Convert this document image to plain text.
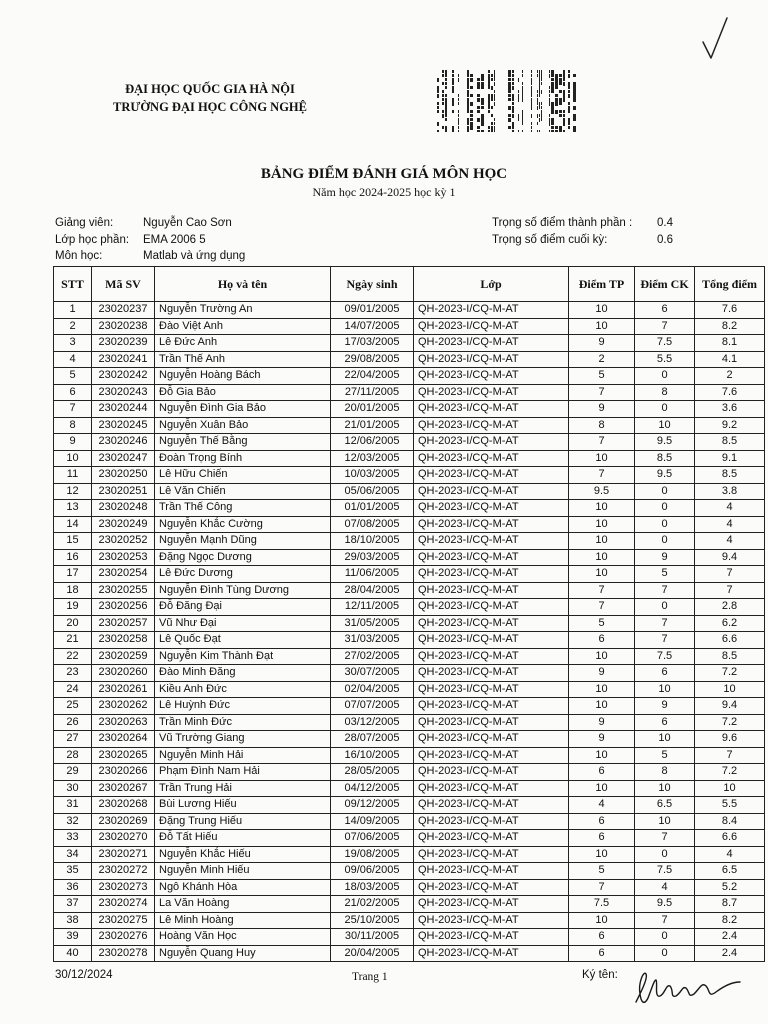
ĐẠI HỌC QUỐC GIA HÀ NỘI
TRƯỜNG ĐẠI HỌC CÔNG NGHỆ
BẢNG ĐIỂM ĐÁNH GIÁ MÔN HỌC
Năm học 2024-2025 học kỳ 1
Giảng viên:	Nguyễn Cao Sơn
Lớp học phần: EMA 2006 5
Môn học:	Matlab và ứng dụng
Trọng số điểm thành phần : 0.4
Trọng số điểm cuối kỳ:	0.6
STT	Mã SV	Họ và tên	Ngày sinh	Lớp	Điểm TP	Điểm CK	Tổng điểm
1	23020237	Nguyễn Trường An	09/01/2005	QH-2023-I/CQ-M-AT	10	6	7.6
2	23020238	Đào Việt Anh	14/07/2005	QH-2023-I/CQ-M-AT	10	7	8.2
3	23020239	Lê Đức Anh	17/03/2005	QH-2023-I/CQ-M-AT	9	7.5	8.1
4	23020241	Trần Thế Anh	29/08/2005	QH-2023-I/CQ-M-AT	2	5.5	4.1
5	23020242	Nguyễn Hoàng Bách	22/04/2005	QH-2023-I/CQ-M-AT	5	0	2
6	23020243	Đỗ Gia Bảo	27/11/2005	QH-2023-I/CQ-M-AT	7	8	7.6
7	23020244	Nguyễn Đình Gia Bảo	20/01/2005	QH-2023-I/CQ-M-AT	9	0	3.6
8	23020245	Nguyễn Xuân Bảo	21/01/2005	QH-2023-I/CQ-M-AT	8	10	9.2
9	23020246	Nguyễn Thế Bằng	12/06/2005	QH-2023-I/CQ-M-AT	7	9.5	8.5
10	23020247	Đoàn Trọng Bính	12/03/2005	QH-2023-I/CQ-M-AT	10	8.5	9.1
11	23020250	Lê Hữu Chiến	10/03/2005	QH-2023-I/CQ-M-AT	7	9.5	8.5
12	23020251	Lê Văn Chiến	05/06/2005	QH-2023-I/CQ-M-AT	9.5	0	3.8
13	23020248	Trần Thế Công	01/01/2005	QH-2023-I/CQ-M-AT	10	0	4
14	23020249	Nguyễn Khắc Cường	07/08/2005	QH-2023-I/CQ-M-AT	10	0	4
15	23020252	Nguyễn Mạnh Dũng	18/10/2005	QH-2023-I/CQ-M-AT	10	0	4
16	23020253	Đặng Ngọc Dương	29/03/2005	QH-2023-I/CQ-M-AT	10	9	9.4
17	23020254	Lê Đức Dương	11/06/2005	QH-2023-I/CQ-M-AT	10	5	7
18	23020255	Nguyễn Đình Tùng Dương	28/04/2005	QH-2023-I/CQ-M-AT	7	7	7
19	23020256	Đỗ Đăng Đại	12/11/2005	QH-2023-I/CQ-M-AT	7	0	2.8
20	23020257	Vũ Như Đại	31/05/2005	QH-2023-I/CQ-M-AT	5	7	6.2
21	23020258	Lê Quốc Đạt	31/03/2005	QH-2023-I/CQ-M-AT	6	7	6.6
22	23020259	Nguyễn Kim Thành Đạt	27/02/2005	QH-2023-I/CQ-M-AT	10	7.5	8.5
23	23020260	Đào Minh Đăng	30/07/2005	QH-2023-I/CQ-M-AT	9	6	7.2
24	23020261	Kiều Anh Đức	02/04/2005	QH-2023-I/CQ-M-AT	10	10	10
25	23020262	Lê Huỳnh Đức	07/07/2005	QH-2023-I/CQ-M-AT	10	9	9.4
26	23020263	Trần Minh Đức	03/12/2005	QH-2023-I/CQ-M-AT	9	6	7.2
27	23020264	Vũ Trường Giang	28/07/2005	QH-2023-I/CQ-M-AT	9	10	9.6
28	23020265	Nguyễn Minh Hải	16/10/2005	QH-2023-I/CQ-M-AT	10	5	7
29	23020266	Phạm Đình Nam Hải	28/05/2005	QH-2023-I/CQ-M-AT	6	8	7.2
30	23020267	Trần Trung Hải	04/12/2005	QH-2023-I/CQ-M-AT	10	10	10
31	23020268	Bùi Lương Hiếu	09/12/2005	QH-2023-I/CQ-M-AT	4	6.5	5.5
32	23020269	Đặng Trung Hiếu	14/09/2005	QH-2023-I/CQ-M-AT	6	10	8.4
33	23020270	Đỗ Tất Hiếu	07/06/2005	QH-2023-I/CQ-M-AT	6	7	6.6
34	23020271	Nguyễn Khắc Hiếu	19/08/2005	QH-2023-I/CQ-M-AT	10	0	4
35	23020272	Nguyễn Minh Hiếu	09/06/2005	QH-2023-I/CQ-M-AT	5	7.5	6.5
36	23020273	Ngô Khánh Hòa	18/03/2005	QH-2023-I/CQ-M-AT	7	4	5.2
37	23020274	La Văn Hoàng	21/02/2005	QH-2023-I/CQ-M-AT	7.5	9.5	8.7
38	23020275	Lê Minh Hoàng	25/10/2005	QH-2023-I/CQ-M-AT	10	7	8.2
39	23020276	Hoàng Văn Học	30/11/2005	QH-2023-I/CQ-M-AT	6	0	2.4
40	23020278	Nguyễn Quang Huy	20/04/2005	QH-2023-I/CQ-M-AT	6	0	2.4
30/12/2024	Trang 1	Ký tên:
